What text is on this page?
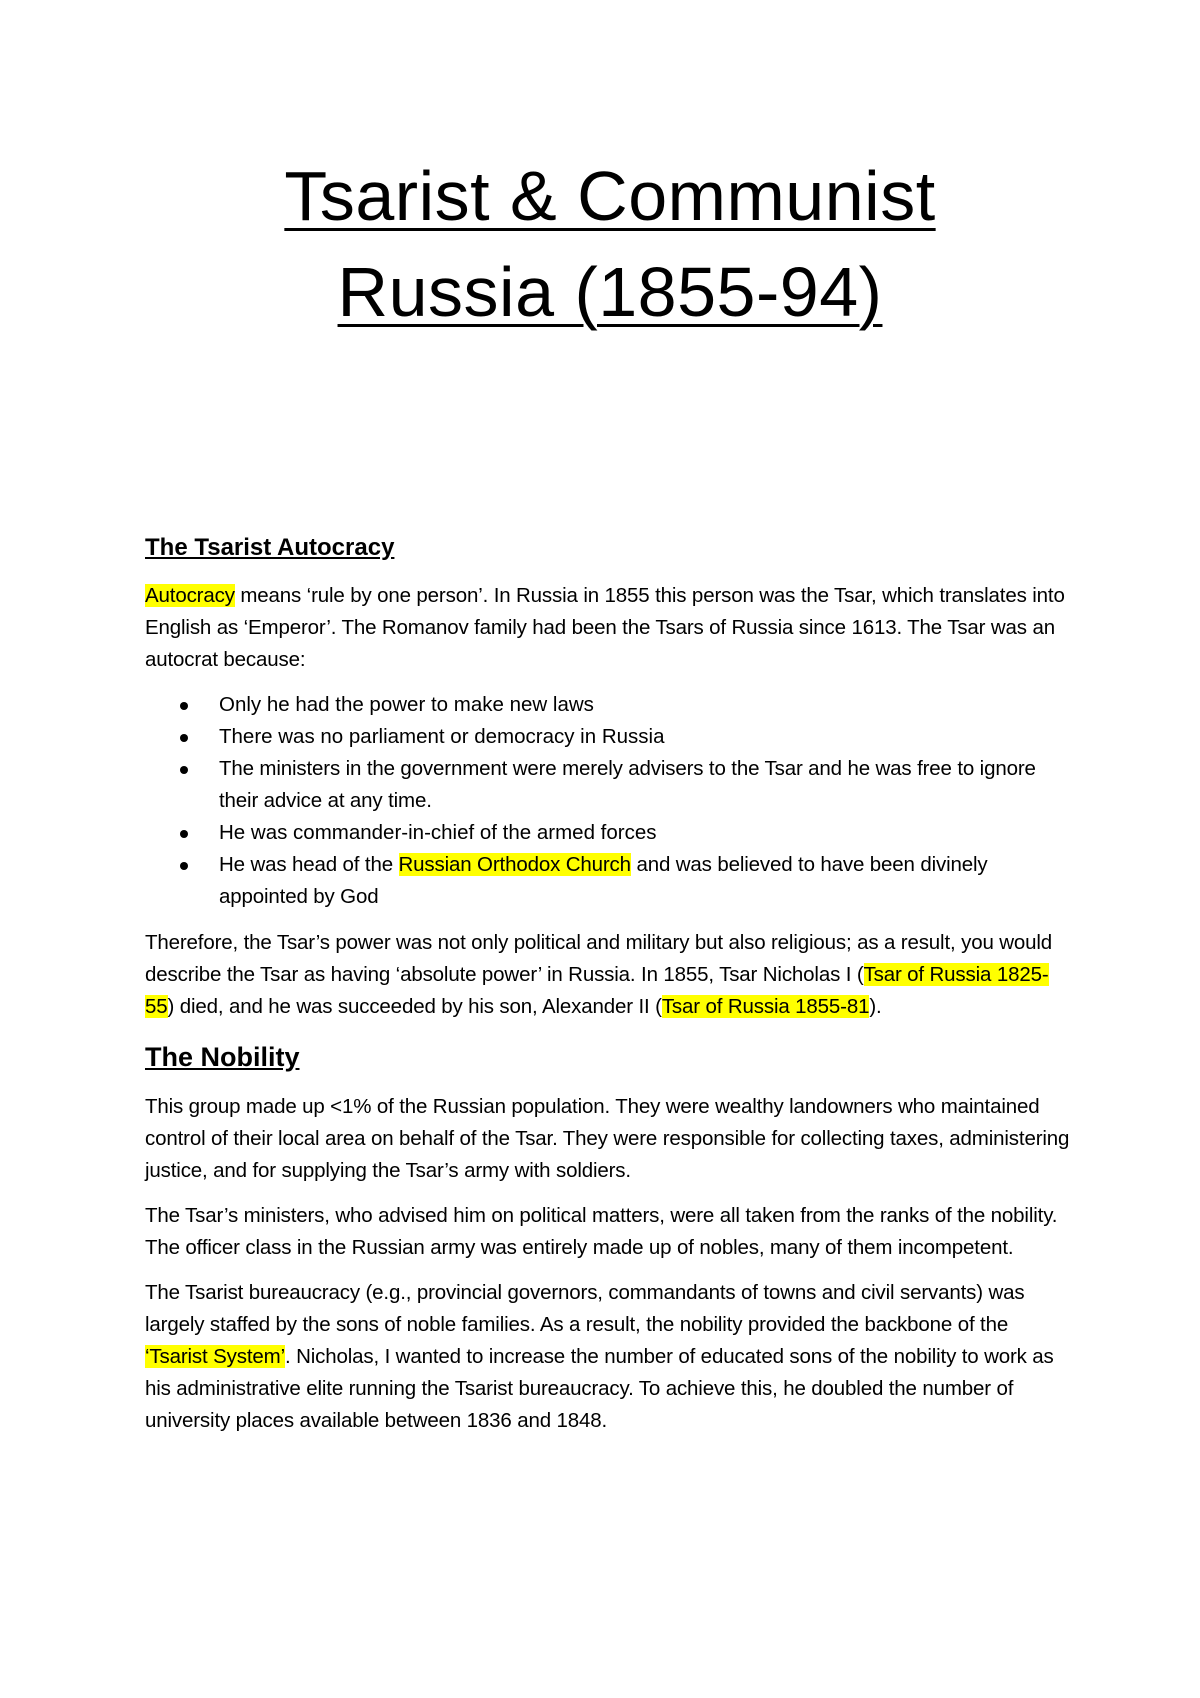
Tsarist & Communist
Russia (1855-94)
The Tsarist Autocracy

Autocracy means ‘rule by one person’. In Russia in 1855 this person was the Tsar, which translates into English as ‘Emperor’. The Romanov family had been the Tsars of Russia since 1613. The Tsar was an autocrat because:

Only he had the power to make new laws
There was no parliament or democracy in Russia
The ministers in the government were merely advisers to the Tsar and he was free to ignore their advice at any time.
He was commander-in-chief of the armed forces
He was head of the Russian Orthodox Church and was believed to have been divinely appointed by God

Therefore, the Tsar’s power was not only political and military but also religious; as a result, you would describe the Tsar as having ‘absolute power’ in Russia. In 1855, Tsar Nicholas I (Tsar of Russia 1825-55) died, and he was succeeded by his son, Alexander II (Tsar of Russia 1855-81).

The Nobility

This group made up <1% of the Russian population. They were wealthy landowners who maintained control of their local area on behalf of the Tsar. They were responsible for collecting taxes, administering justice, and for supplying the Tsar’s army with soldiers.

The Tsar’s ministers, who advised him on political matters, were all taken from the ranks of the nobility. The officer class in the Russian army was entirely made up of nobles, many of them incompetent.

The Tsarist bureaucracy (e.g., provincial governors, commandants of towns and civil servants) was largely staffed by the sons of noble families. As a result, the nobility provided the backbone of the ‘Tsarist System’. Nicholas, I wanted to increase the number of educated sons of the nobility to work as his administrative elite running the Tsarist bureaucracy. To achieve this, he doubled the number of university places available between 1836 and 1848.
